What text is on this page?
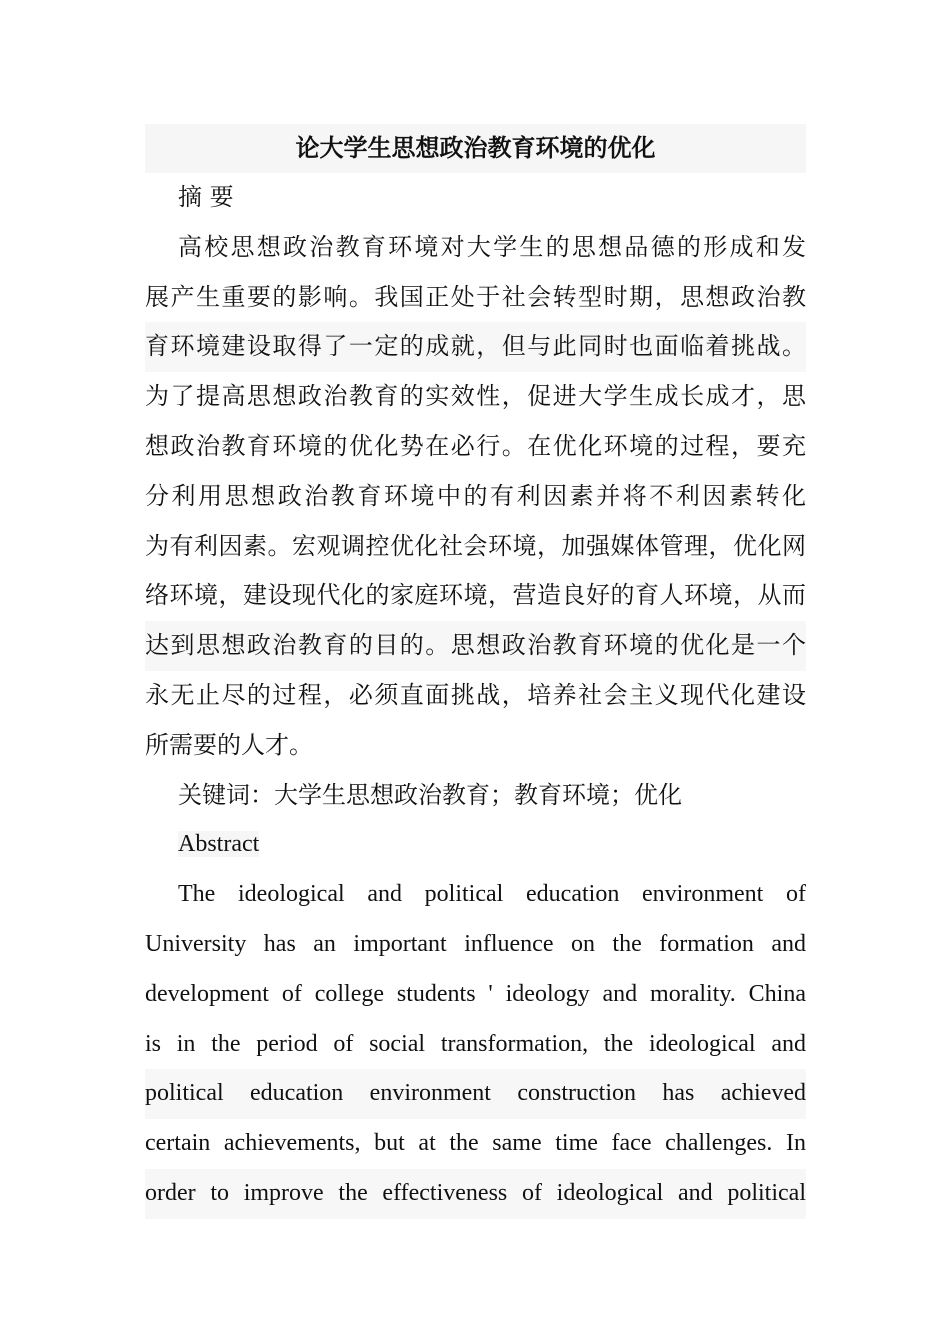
论大学生思想政治教育环境的优化

摘 要

高校思想政治教育环境对大学生的思想品德的形成和发
展产生重要的影响。我国正处于社会转型时期，思想政治教
育环境建设取得了一定的成就，但与此同时也面临着挑战。
为了提高思想政治教育的实效性，促进大学生成长成才，思
想政治教育环境的优化势在必行。在优化环境的过程，要充
分利用思想政治教育环境中的有利因素并将不利因素转化
为有利因素。宏观调控优化社会环境，加强媒体管理，优化网
络环境，建设现代化的家庭环境，营造良好的育人环境，从而
达到思想政治教育的目的。思想政治教育环境的优化是一个
永无止尽的过程，必须直面挑战，培养社会主义现代化建设
所需要的人才。

关键词：大学生思想政治教育；教育环境；优化

Abstract

The ideological and political education environment of
University has an important influence on the formation and
development of college students ' ideology and morality. China
is in the period of social transformation, the ideological and
political education environment construction has achieved
certain achievements, but at the same time face challenges. In
order to improve the effectiveness of ideological and political
